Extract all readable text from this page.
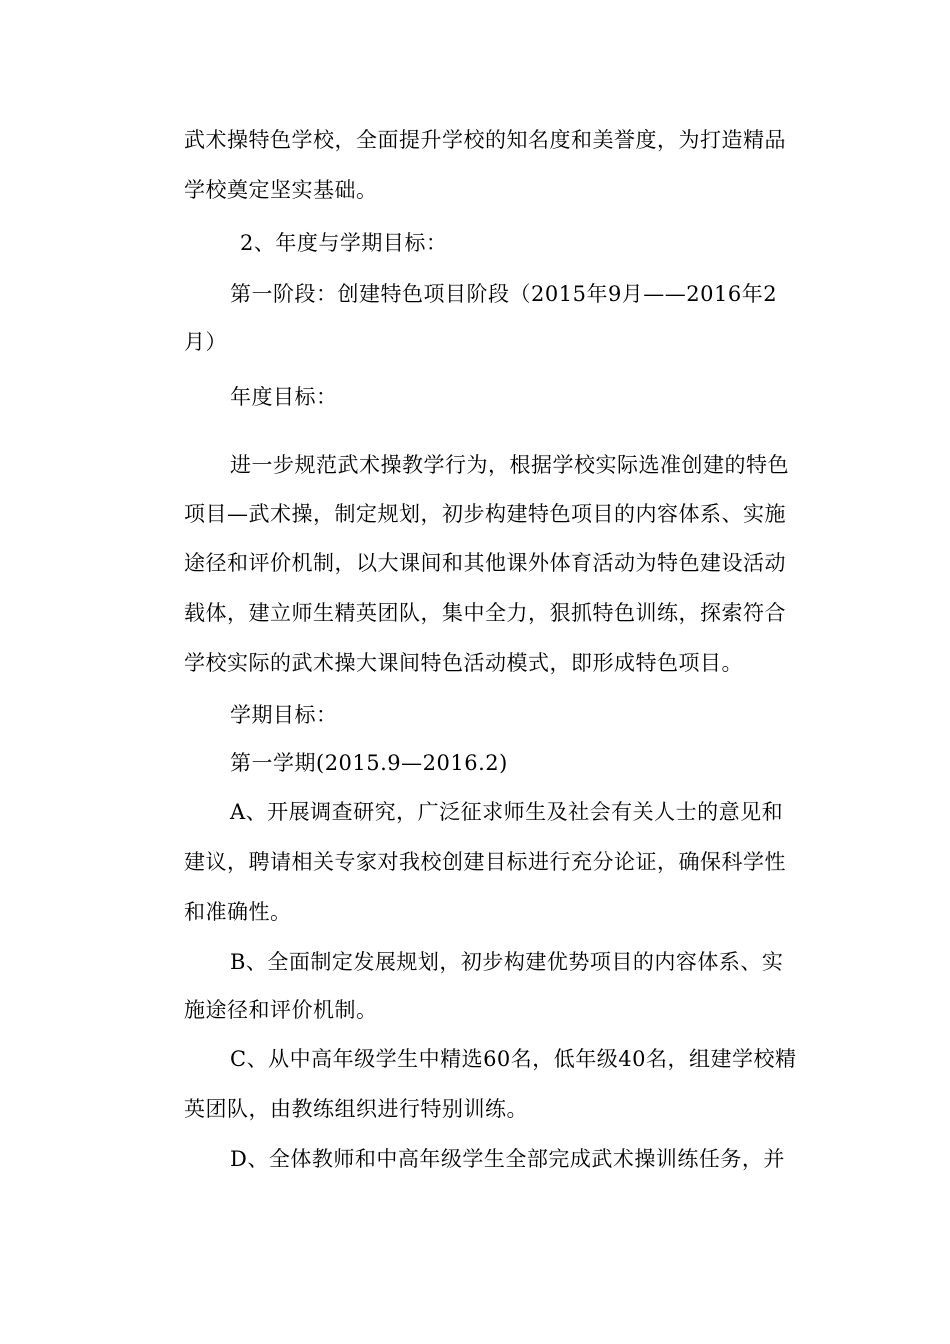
武术操特色学校，全面提升学校的知名度和美誉度，为打造精品

学校奠定坚实基础。

2、年度与学期目标：

第一阶段：创建特色项目阶段（2015年9月——2016年2

月）

年度目标：

进一步规范武术操教学行为，根据学校实际选准创建的特色

项目—武术操，制定规划，初步构建特色项目的内容体系、实施

途径和评价机制，以大课间和其他课外体育活动为特色建设活动

载体，建立师生精英团队，集中全力，狠抓特色训练，探索符合

学校实际的武术操大课间特色活动模式，即形成特色项目。

学期目标：

第一学期(2015.9—2016.2)

A、开展调查研究，广泛征求师生及社会有关人士的意见和

建议，聘请相关专家对我校创建目标进行充分论证，确保科学性

和准确性。

B、全面制定发展规划，初步构建优势项目的内容体系、实

施途径和评价机制。

C、从中高年级学生中精选60名，低年级40名，组建学校精

英团队，由教练组织进行特别训练。

D、全体教师和中高年级学生全部完成武术操训练任务，并
